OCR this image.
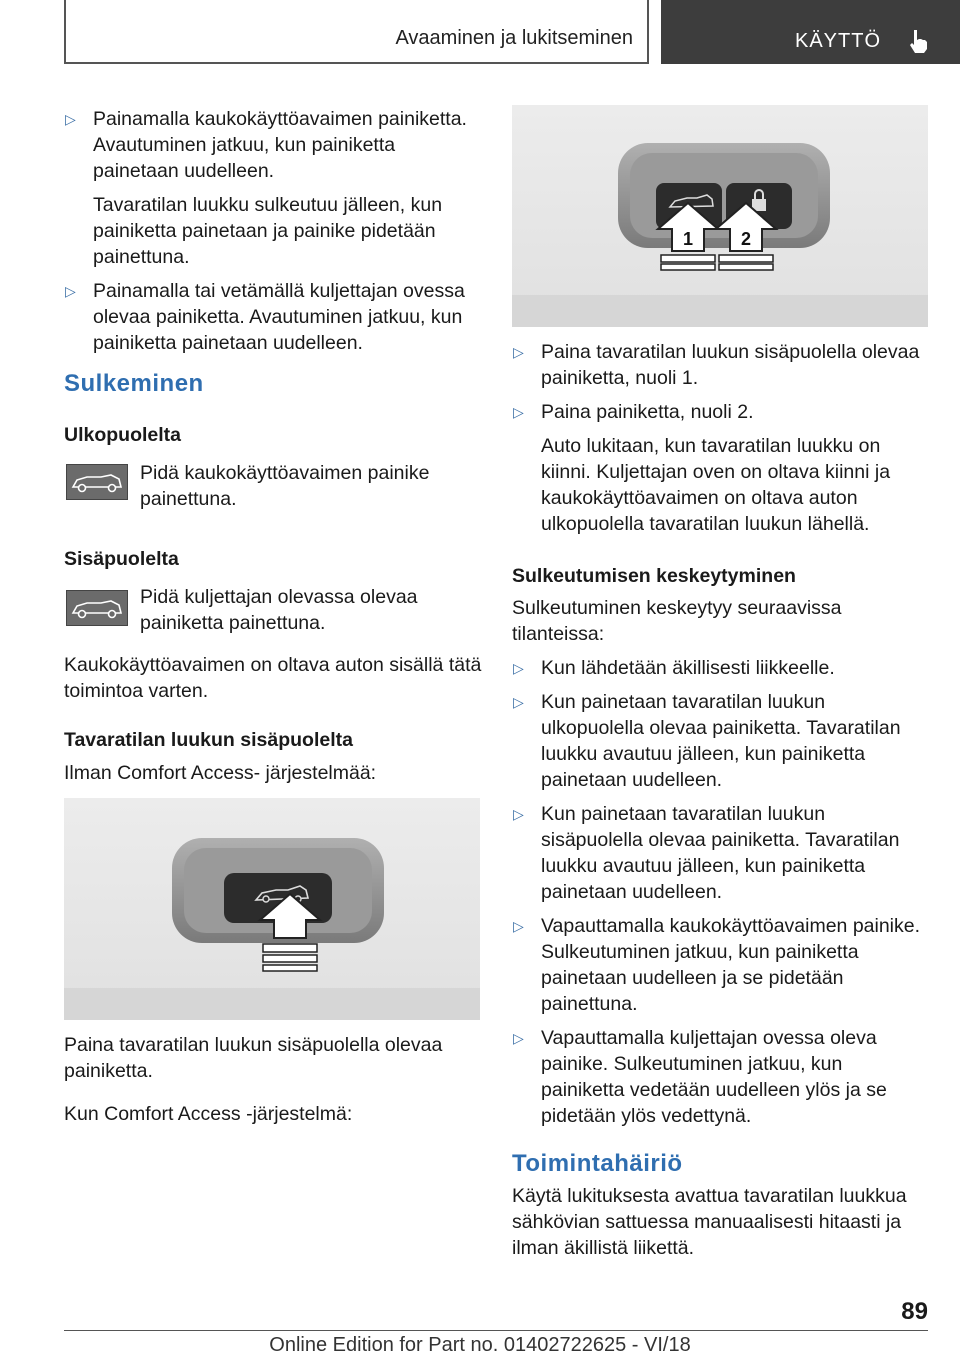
Avaaminen ja lukitseminen	KÄYTTÖ

▷ Painamalla kaukokäyttöavaimen painiketta. Avautuminen jatkuu, kun painiketta painetaan uudelleen.

Tavaratilan luukku sulkeutuu jälleen, kun painiketta painetaan ja painike pidetään painettuna.

▷ Painamalla tai vetämällä kuljettajan ovessa olevaa painiketta. Avautuminen jatkuu, kun painiketta painetaan uudelleen.

Sulkeminen
Ulkopuolelta

Pidä kaukokäyttöavaimen painike painettuna.

Sisäpuolelta

Pidä kuljettajan olevassa olevaa painiketta painettuna.

Kaukokäyttöavaimen on oltava auton sisällä tätä toimintoa varten.

Tavaratilan luukun sisäpuolelta

Ilman Comfort Access- järjestelmää:

Paina tavaratilan luukun sisäpuolella olevaa painiketta.

Kun Comfort Access -järjestelmä:

1	2

▷ Paina tavaratilan luukun sisäpuolella olevaa painiketta, nuoli 1.

▷ Paina painiketta, nuoli 2.

Auto lukitaan, kun tavaratilan luukku on kiinni. Kuljettajan oven on oltava kiinni ja kaukokäyttöavaimen on oltava auton ulkopuolella tavaratilan luukun lähellä.

Sulkeutumisen keskeytyminen

Sulkeutuminen keskeytyy seuraavissa tilanteissa:

▷ Kun lähdetään äkillisesti liikkeelle.

▷ Kun painetaan tavaratilan luukun ulkopuolella olevaa painiketta. Tavaratilan luukku avautuu jälleen, kun painiketta painetaan uudelleen.

▷ Kun painetaan tavaratilan luukun sisäpuolella olevaa painiketta. Tavaratilan luukku avautuu jälleen, kun painiketta painetaan uudelleen.

▷ Vapauttamalla kaukokäyttöavaimen painike. Sulkeutuminen jatkuu, kun painiketta painetaan uudelleen ja se pidetään painettuna.

▷ Vapauttamalla kuljettajan ovessa oleva painike. Sulkeutuminen jatkuu, kun painiketta vedetään uudelleen ylös ja se pidetään ylös vedettynä.

Toimintahäiriö

Käytä lukituksesta avattua tavaratilan luukkua sähkövian sattuessa manuaalisesti hitaasti ja ilman äkillistä liikettä.

89
Online Edition for Part no. 01402722625 - VI/18
